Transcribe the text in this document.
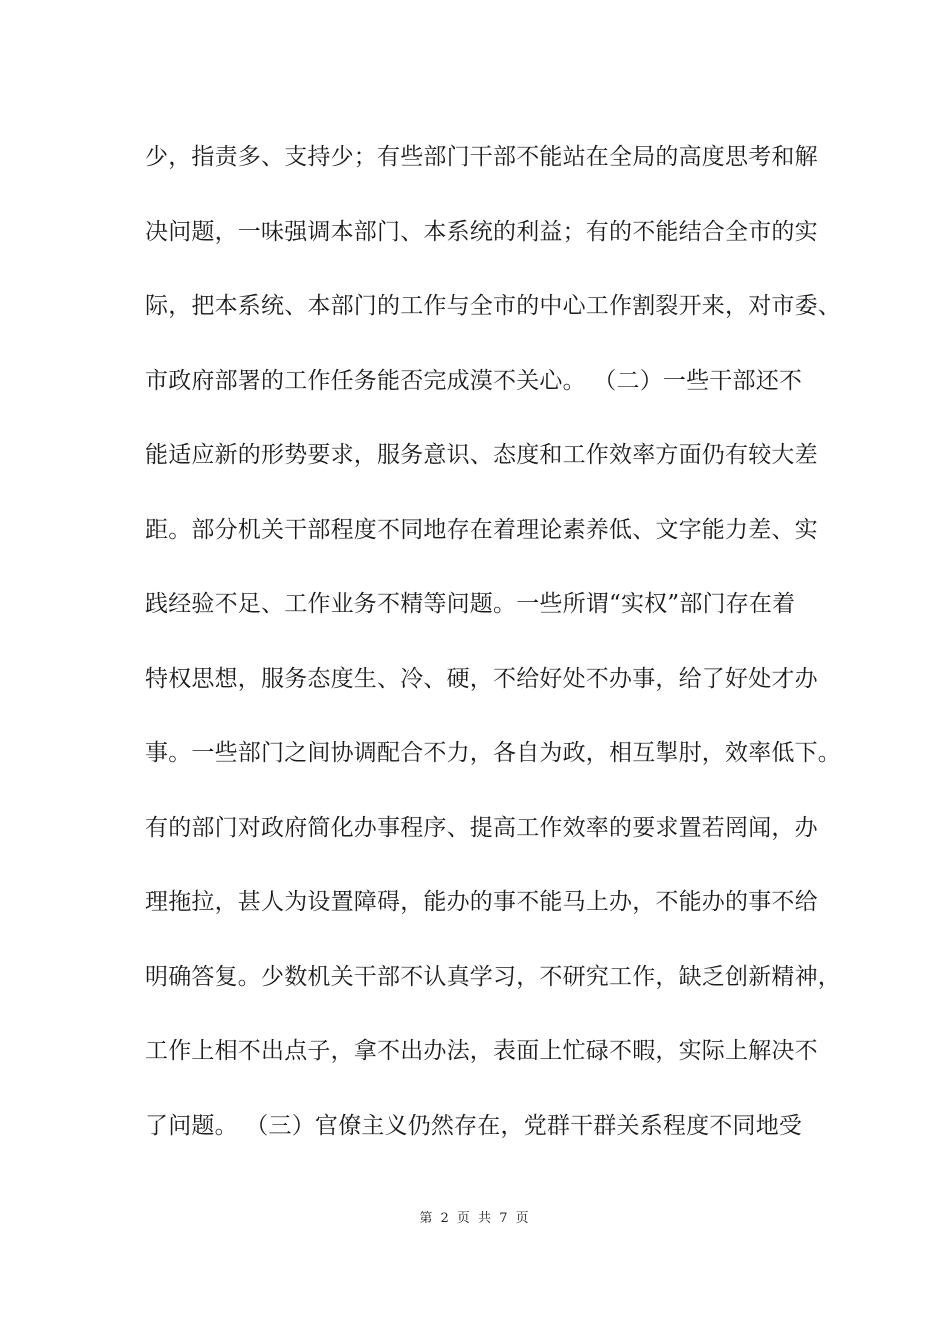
少，指责多、支持少；有些部门干部不能站在全局的高度思考和解
决问题，一味强调本部门、本系统的利益；有的不能结合全市的实
际，把本系统、本部门的工作与全市的中心工作割裂开来，对市委、
市政府部署的工作任务能否完成漠不关心。 （二）一些干部还不
能适应新的形势要求，服务意识、态度和工作效率方面仍有较大差
距。部分机关干部程度不同地存在着理论素养低、文字能力差、实
践经验不足、工作业务不精等问题。一些所谓“实权”部门存在着
特权思想，服务态度生、冷、硬，不给好处不办事，给了好处才办
事。一些部门之间协调配合不力，各自为政，相互掣肘，效率低下。
有的部门对政府简化办事程序、提高工作效率的要求置若罔闻，办
理拖拉，甚人为设置障碍，能办的事不能马上办，不能办的事不给
明确答复。少数机关干部不认真学习，不研究工作，缺乏创新精神，
工作上相不出点子，拿不出办法，表面上忙碌不暇，实际上解决不
了问题。 （三）官僚主义仍然存在，党群干群关系程度不同地受
第 2 页 共 7 页
